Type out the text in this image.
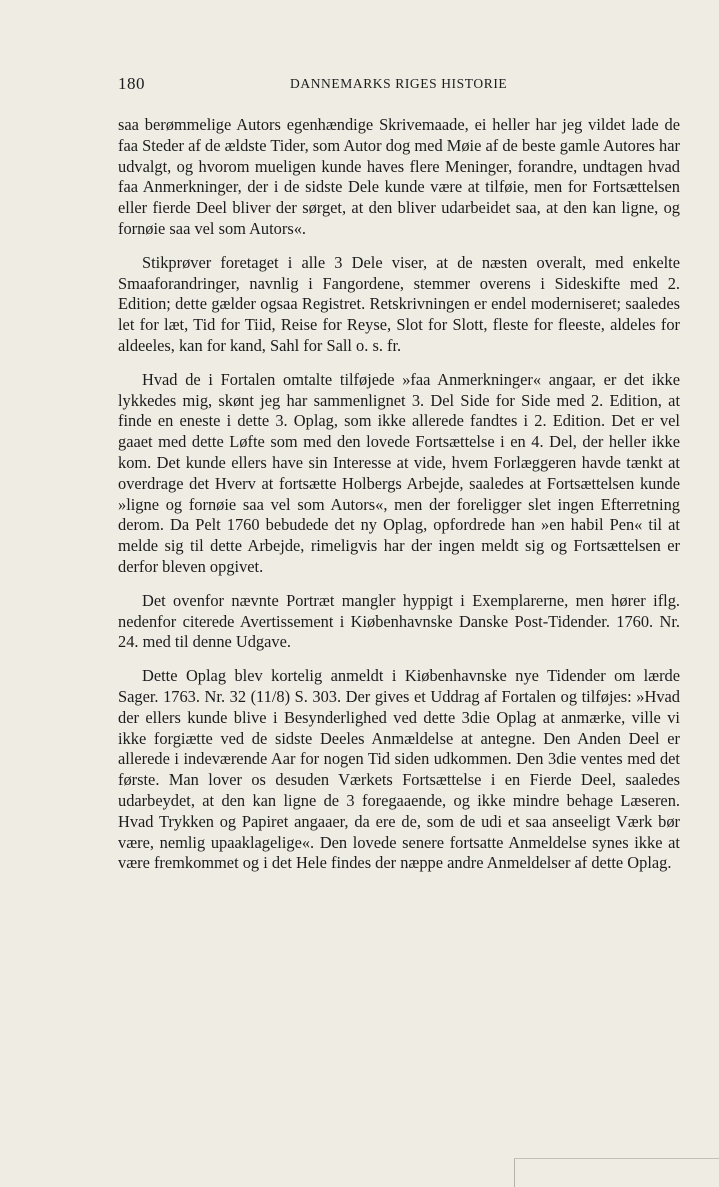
180	DANNEMARKS RIGES HISTORIE

saa berømmelige Autors egenhændige Skrivemaade, ei heller har jeg vildet lade de faa Steder af de ældste Tider, som Autor dog med Møie af de beste gamle Autores har udvalgt, og hvorom mueligen kunde haves flere Meninger, forandre, undtagen hvad faa Anmerkninger, der i de sidste Dele kunde være at tilføie, men for Fortsættelsen eller fierde Deel bliver der sørget, at den bliver udarbeidet saa, at den kan ligne, og fornøie saa vel som Autors«.

Stikprøver foretaget i alle 3 Dele viser, at de næsten overalt, med enkelte Smaaforandringer, navnlig i Fangordene, stemmer overens i Sideskifte med 2. Edition; dette gælder ogsaa Registret. Retskrivningen er endel moderniseret; saaledes let for læt, Tid for Tiid, Reise for Reyse, Slot for Slott, fleste for fleeste, aldeles for aldeeles, kan for kand, Sahl for Sall o. s. fr.

Hvad de i Fortalen omtalte tilføjede »faa Anmerkninger« angaar, er det ikke lykkedes mig, skønt jeg har sammenlignet 3. Del Side for Side med 2. Edition, at finde en eneste i dette 3. Oplag, som ikke allerede fandtes i 2. Edition. Det er vel gaaet med dette Løfte som med den lovede Fortsættelse i en 4. Del, der heller ikke kom. Det kunde ellers have sin Interesse at vide, hvem Forlæggeren havde tænkt at overdrage det Hverv at fortsætte Holbergs Arbejde, saaledes at Fortsættelsen kunde »ligne og fornøie saa vel som Autors«, men der foreligger slet ingen Efterretning derom. Da Pelt 1760 bebudede det ny Oplag, opfordrede han »en habil Pen« til at melde sig til dette Arbejde, rimeligvis har der ingen meldt sig og Fortsættelsen er derfor bleven opgivet.

Det ovenfor nævnte Portræt mangler hyppigt i Exemplarerne, men hører iflg. nedenfor citerede Avertissement i Kiøbenhavnske Danske Post-Tidender. 1760. Nr. 24. med til denne Udgave.

Dette Oplag blev kortelig anmeldt i Kiøbenhavnske nye Tidender om lærde Sager. 1763. Nr. 32 (11/8) S. 303. Der gives et Uddrag af Fortalen og tilføjes: »Hvad der ellers kunde blive i Besynderlighed ved dette 3die Oplag at anmærke, ville vi ikke forgiætte ved de sidste Deeles Anmældelse at antegne. Den Anden Deel er allerede i indeværende Aar for nogen Tid siden udkommen. Den 3die ventes med det første. Man lover os desuden Værkets Fortsættelse i en Fierde Deel, saaledes udarbeydet, at den kan ligne de 3 foregaaende, og ikke mindre behage Læseren. Hvad Trykken og Papiret angaaer, da ere de, som de udi et saa anseeligt Værk bør være, nemlig upaaklagelige«. Den lovede senere fortsatte Anmeldelse synes ikke at være fremkommet og i det Hele findes der næppe andre Anmeldelser af dette Oplag.
